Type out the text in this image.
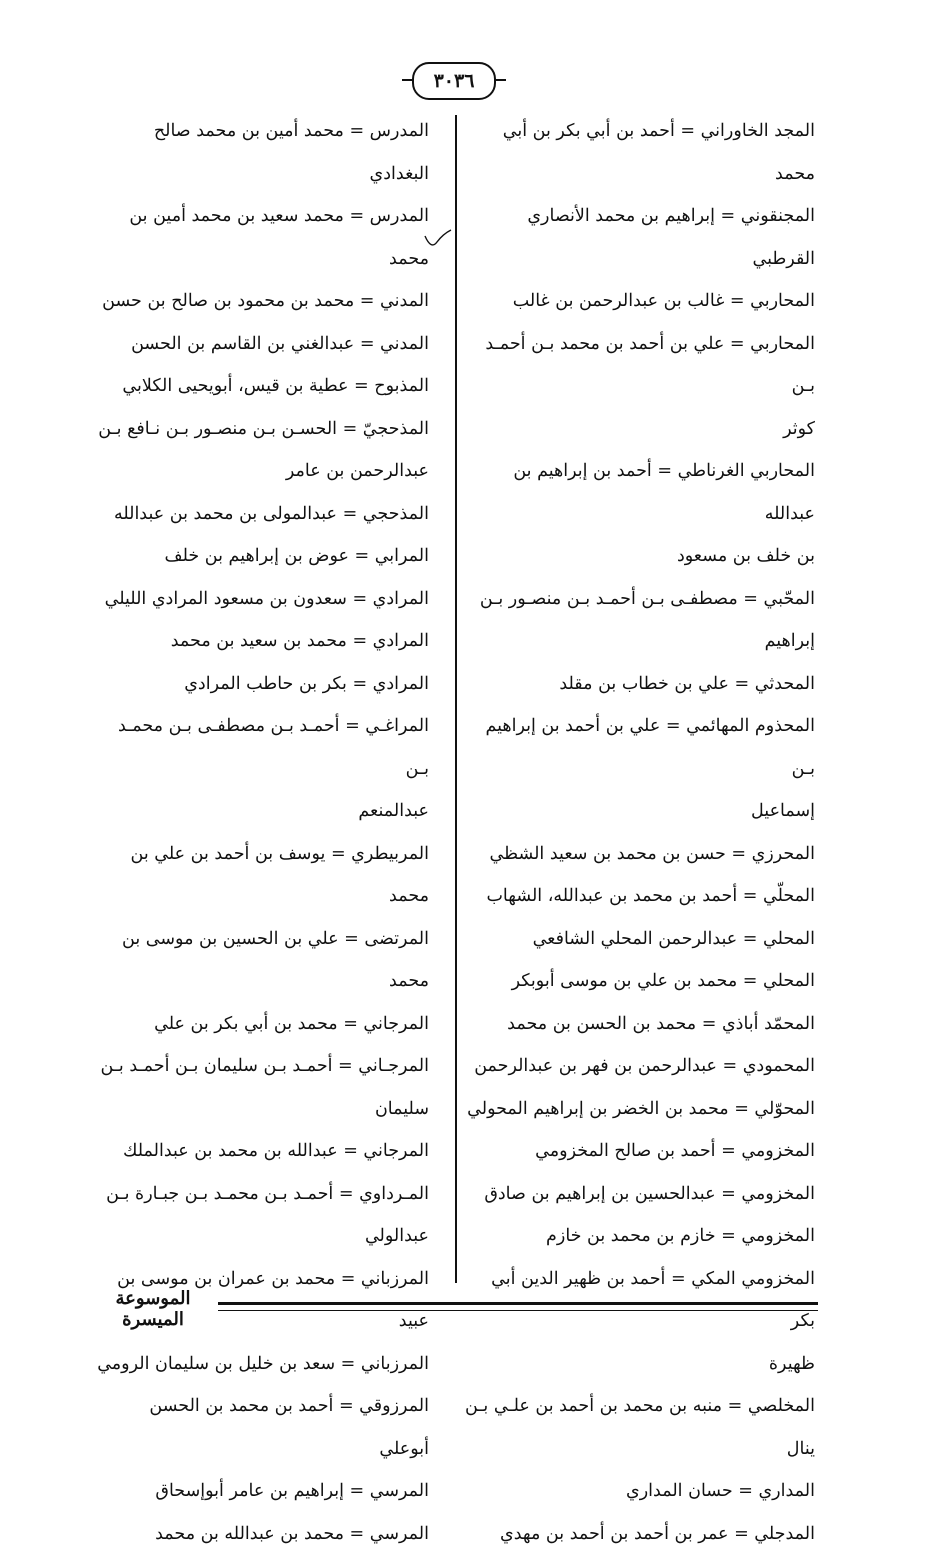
٣٠٣٦
المجد الخاوراني = أحمد بن أبي بكر بن أبي محمد
المجنقوني = إبراهيم بن محمد الأنصاري القرطبي
المحاربي = غالب بن عبدالرحمن بن غالب
المحاربي = علي بن أحمد بن محمد بـن أحمـد بـن
كوثر
المحاربي الغرناطي = أحمد بن إبراهيم بن عبدالله
بن خلف بن مسعود
المحّبي = مصطفـى بـن أحمـد بـن منصـور بـن
إبراهيم
المحدثي = علي بن خطاب بن مقلد
المحذوم المهائمي = علي بن أحمد بن إبراهيم بـن
إسماعيل
المحرزي = حسن بن محمد بن سعيد الشظي
المحلّي = أحمد بن محمد بن عبدالله، الشهاب
المحلي = عبدالرحمن المحلي الشافعي
المحلي = محمد بن علي بن موسى أبوبكر
المحمّد أباذي = محمد بن الحسن بن محمد
المحمودي = عبدالرحمن بن فهر بن عبدالرحمن
المحوّلي = محمد بن الخضر بن إبراهيم المحولي
المخزومي = أحمد بن صالح المخزومي
المخزومي = عبدالحسين بن إبراهيم بن صادق
المخزومي = خازم بن محمد بن خازم
المخزومي المكي = أحمد بن ظهير الدين أبي بكر
ظهيرة
المخلصي = منبه بن محمد بن أحمد بن علـي بـن
ينال
المداري = حسان المداري
المدجلي = عمر بن أحمد بن أحمد بن مهدي
المدرس = محمد أمين بن محمد صالح البغدادي
المدرس = محمد سعيد بن محمد أمين بن محمد
المدني = محمد بن محمود بن صالح بن حسن
المدني = عبدالغني بن القاسم بن الحسن
المذبوح = عطية بن قيس، أبويحيى الكلابي
المذحجيّ = الحسـن بـن منصـور بـن نـافع بـن
عبدالرحمن بن عامر
المذحجي = عبدالمولى بن محمد بن عبدالله
المرابي = عوض بن إبراهيم بن خلف
المرادي = سعدون بن مسعود المرادي الليلي
المرادي = محمد بن سعيد بن محمد
المرادي = بكر بن حاطب المرادي
المراغـي = أحمـد بـن مصطفـى بـن محمـد بـن
عبدالمنعم
المربيطري = يوسف بن أحمد بن علي بن محمد
المرتضى = علي بن الحسين بن موسى بن محمد
المرجاني = محمد بن أبي بكر بن علي
المرجـاني = أحمـد بـن سليمان بـن أحمـد بـن
سليمان
المرجاني = عبدالله بن محمد بن عبدالملك
المـرداوي = أحمـد بـن محمـد بـن جبـارة بـن
عبدالولي
المرزباني = محمد بن عمران بن موسى بن عبيد
المرزباني = سعد بن خليل بن سليمان الرومي
المرزوقي = أحمد بن محمد بن الحسن أبوعلي
المرسي = إبراهيم بن عامر أبوإسحاق
المرسي = محمد بن عبدالله بن محمد
الموسوعة الميسرة
